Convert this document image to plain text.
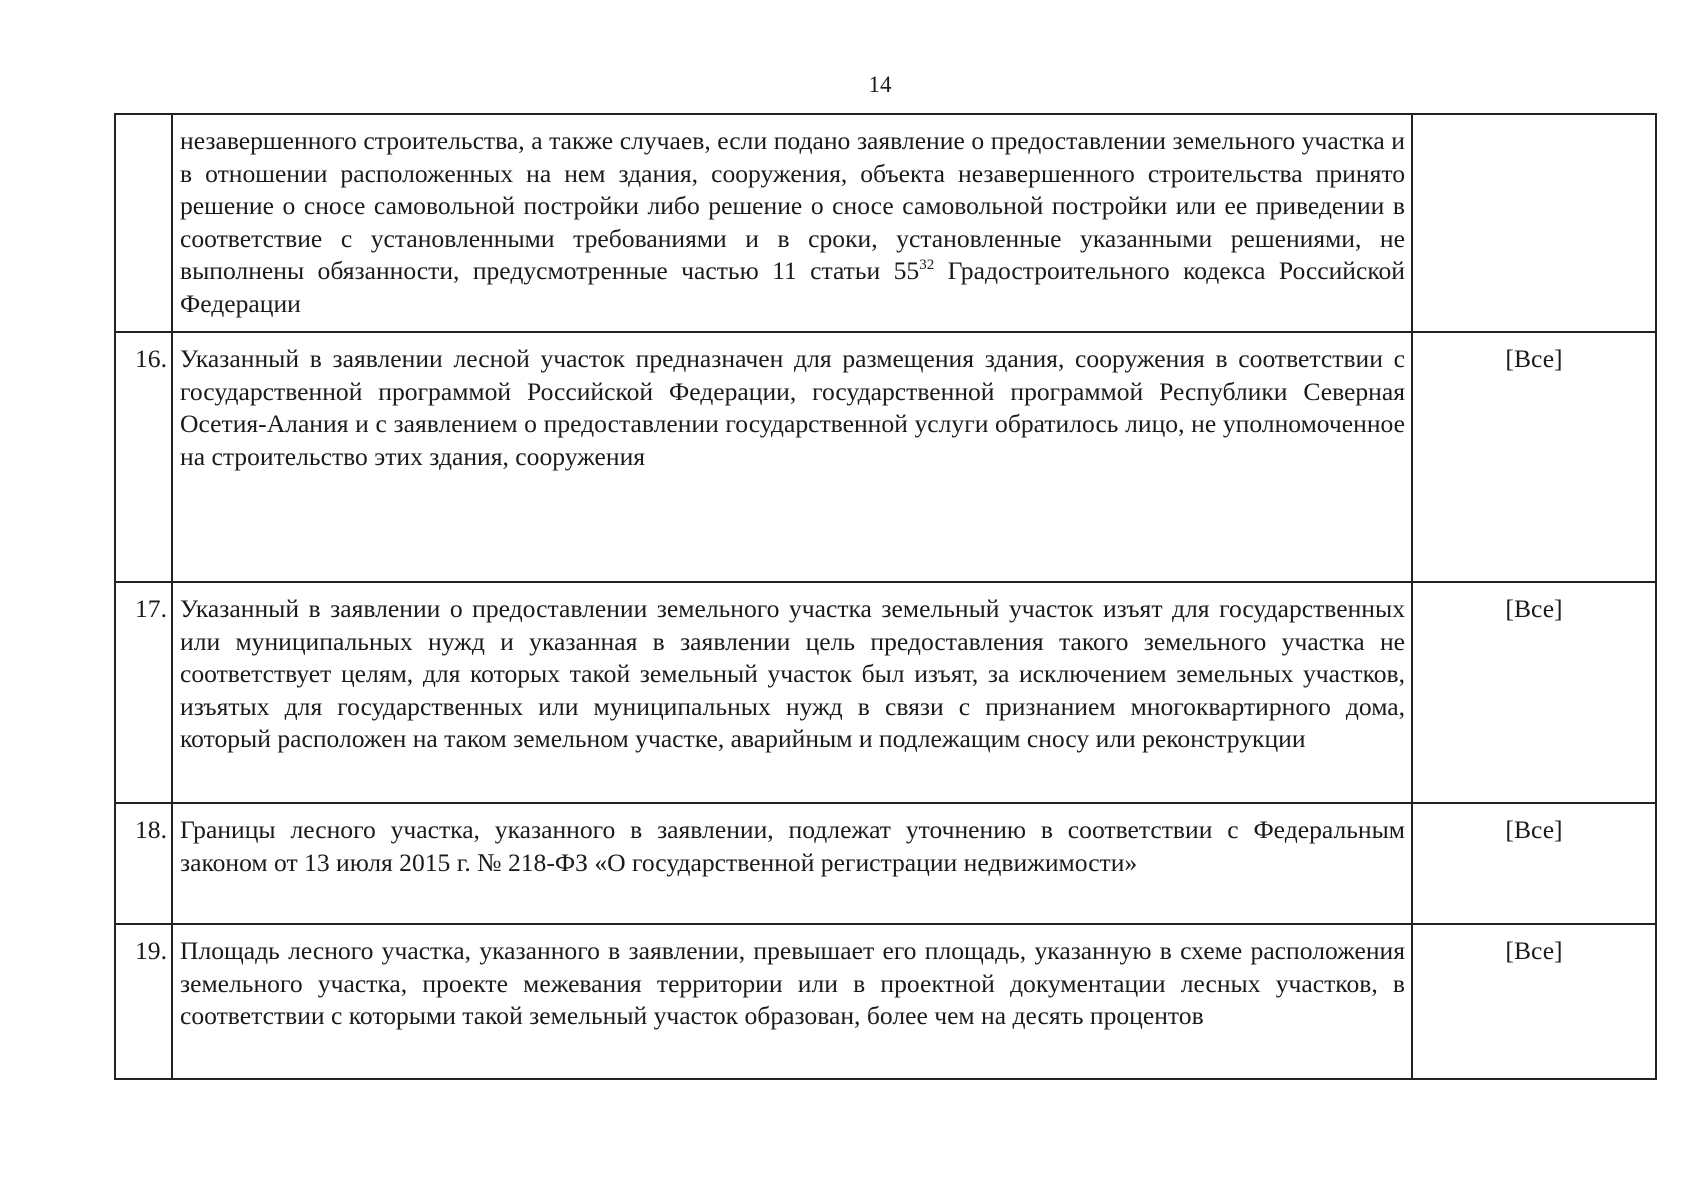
14
	незавершенного строительства, а также случаев, если подано заявление о предоставлении земельного участка и в отношении расположенных на нем здания, сооружения, объекта незавершенного строительства принято решение о сносе самовольной постройки либо решение о сносе самовольной постройки или ее приведении в соответствие с установленными требованиями и в сроки, установленные указанными решениями, не выполнены обязанности, предусмотренные частью 11 статьи $55^{32}$ Градостроительного кодекса Российской Федерации	
16.	Указанный в заявлении лесной участок предназначен для размещения здания, сооружения в соответствии с государственной программой Российской Федерации, государственной программой Республики Северная Осетия-Алания и с заявлением о предоставлении государственной услуги обратилось лицо, не уполномоченное на строительство этих здания, сооружения	[Все]
17.	Указанный в заявлении о предоставлении земельного участка земельный участок изъят для государственных или муниципальных нужд и указанная в заявлении цель предоставления такого земельного участка не соответствует целям, для которых такой земельный участок был изъят, за исключением земельных участков, изъятых для государственных или муниципальных нужд в связи с признанием многоквартирного дома, который расположен на таком земельном участке, аварийным и подлежащим сносу или реконструкции	[Все]
18.	Границы лесного участка, указанного в заявлении, подлежат уточнению в соответствии с Федеральным законом от 13 июля 2015 г. № 218-ФЗ «О государственной регистрации недвижимости»	[Все]
19.	Площадь лесного участка, указанного в заявлении, превышает его площадь, указанную в схеме расположения земельного участка, проекте межевания территории или в проектной документации лесных участков, в соответствии с которыми такой земельный участок образован, более чем на десять процентов	[Все]
